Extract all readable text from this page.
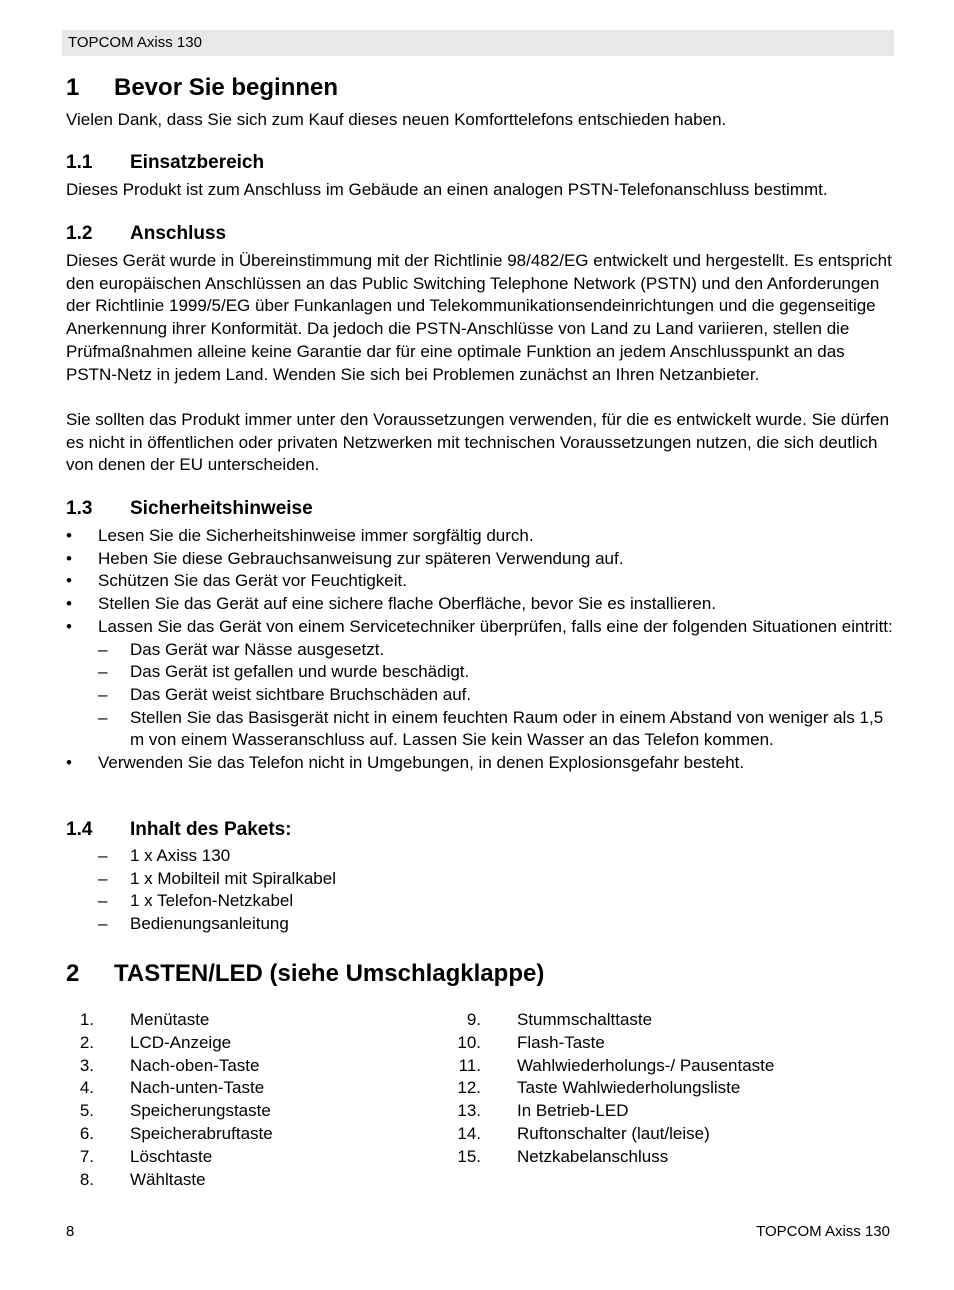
TOPCOM Axiss 130
1 Bevor Sie beginnen

Vielen Dank, dass Sie sich zum Kauf dieses neuen Komforttelefons entschieden haben.

1.1 Einsatzbereich

Dieses Produkt ist zum Anschluss im Gebäude an einen analogen PSTN-Telefonanschluss bestimmt.

1.2 Anschluss

Dieses Gerät wurde in Übereinstimmung mit der Richtlinie 98/482/EG entwickelt und hergestellt. Es entspricht den europäischen Anschlüssen an das Public Switching Telephone Network (PSTN) und den Anforderungen der Richtlinie 1999/5/EG über Funkanlagen und Telekommunikationsendeinrichtungen und die gegenseitige Anerkennung ihrer Konformität. Da jedoch die PSTN-Anschlüsse von Land zu Land variieren, stellen die Prüfmaßnahmen alleine keine Garantie dar für eine optimale Funktion an jedem Anschlusspunkt an das PSTN-Netz in jedem Land. Wenden Sie sich bei Problemen zunächst an Ihren Netzanbieter.

Sie sollten das Produkt immer unter den Voraussetzungen verwenden, für die es entwickelt wurde. Sie dürfen es nicht in öffentlichen oder privaten Netzwerken mit technischen Voraussetzungen nutzen, die sich deutlich von denen der EU unterscheiden.

1.3 Sicherheitshinweise
• Lesen Sie die Sicherheitshinweise immer sorgfältig durch.
• Heben Sie diese Gebrauchsanweisung zur späteren Verwendung auf.
• Schützen Sie das Gerät vor Feuchtigkeit.
• Stellen Sie das Gerät auf eine sichere flache Oberfläche, bevor Sie es installieren.
• Lassen Sie das Gerät von einem Servicetechniker überprüfen, falls eine der folgenden Situationen eintritt:
– Das Gerät war Nässe ausgesetzt.
– Das Gerät ist gefallen und wurde beschädigt.
– Das Gerät weist sichtbare Bruchschäden auf.
– Stellen Sie das Basisgerät nicht in einem feuchten Raum oder in einem Abstand von weniger als 1,5 m von einem Wasseranschluss auf. Lassen Sie kein Wasser an das Telefon kommen.
• Verwenden Sie das Telefon nicht in Umgebungen, in denen Explosionsgefahr besteht.
1.4 Inhalt des Pakets:
– 1 x Axiss 130
– 1 x Mobilteil mit Spiralkabel
– 1 x Telefon-Netzkabel
– Bedienungsanleitung
2 TASTEN/LED (siehe Umschlagklappe)
1. Menütaste
2. LCD-Anzeige
3. Nach-oben-Taste
4. Nach-unten-Taste
5. Speicherungstaste
6. Speicherabruftaste
7. Löschtaste
8. Wähltaste
9. Stummschalttaste
10. Flash-Taste
11. Wahlwiederholungs-/ Pausentaste
12. Taste Wahlwiederholungsliste
13. In Betrieb-LED
14. Ruftonschalter (laut/leise)
15. Netzkabelanschluss
8	TOPCOM Axiss 130
